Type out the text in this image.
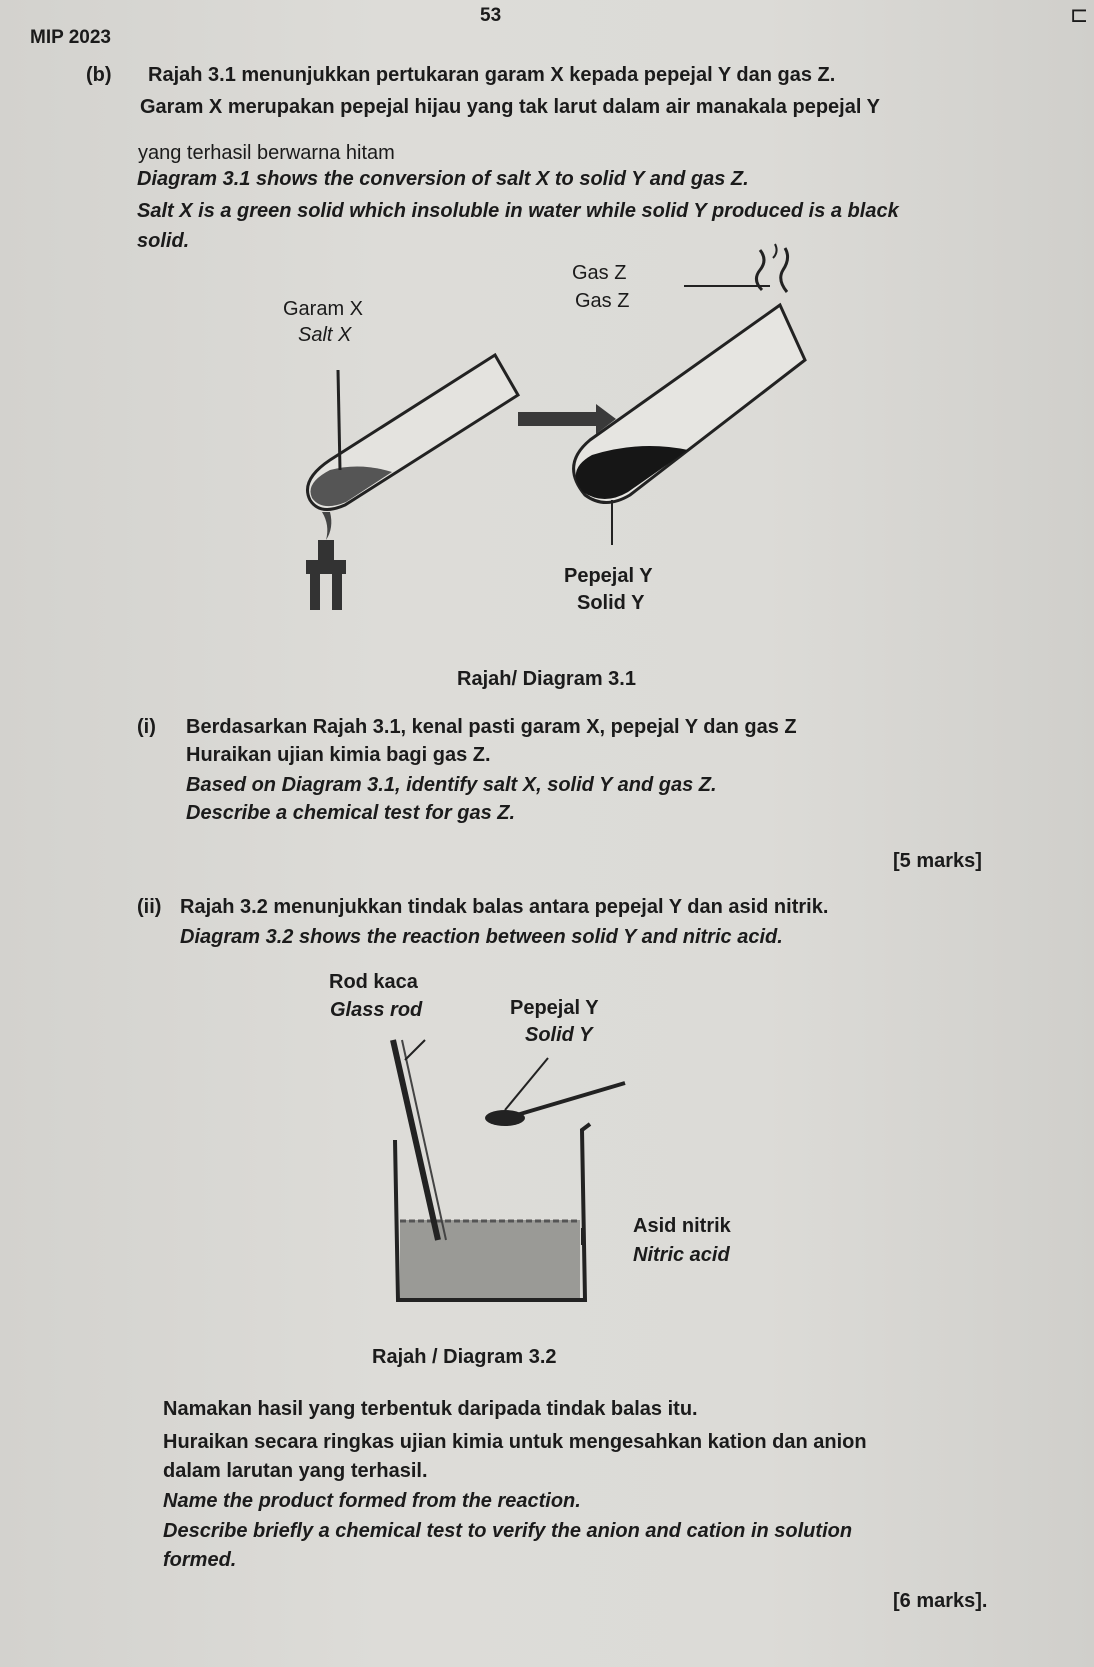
53
MIP 2023
⊏
(b) Rajah 3.1 menunjukkan pertukaran garam X kepada pepejal Y dan gas Z.
Garam X merupakan pepejal hijau yang tak larut dalam air manakala pepejal Y
yang terhasil berwarna hitam
Diagram 3.1 shows the conversion of salt X to solid Y and gas Z.
Salt X is a green solid which insoluble in water while solid Y produced is a black
solid.
Gas Z
Gas Z
Garam X
Salt X
Pepejal Y
Solid Y
Rajah/ Diagram 3.1
(i) Berdasarkan Rajah 3.1, kenal pasti garam X, pepejal Y dan gas Z
Huraikan ujian kimia bagi gas Z.
Based on Diagram 3.1, identify salt X, solid Y and gas Z.
Describe a chemical test for gas Z.
[5 marks]
(ii) Rajah 3.2 menunjukkan tindak balas antara pepejal Y dan asid nitrik.
Diagram 3.2 shows the reaction between solid Y and nitric acid.
Rod kaca
Glass rod	Pepejal Y
Solid Y
Asid nitrik
Nitric acid
Rajah / Diagram 3.2
Namakan hasil yang terbentuk daripada tindak balas itu.
Huraikan secara ringkas ujian kimia untuk mengesahkan kation dan anion
dalam larutan yang terhasil.
Name the product formed from the reaction.
Describe briefly a chemical test to verify the anion and cation in solution
formed.
[6 marks].
